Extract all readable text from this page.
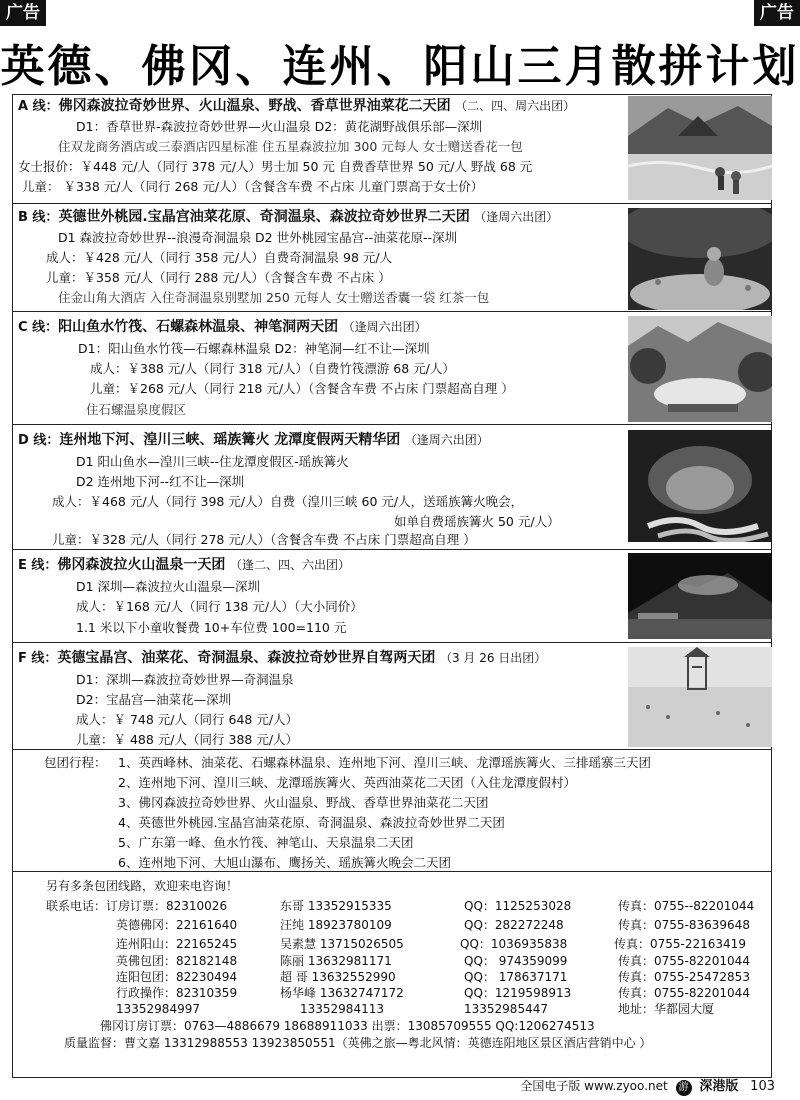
广告	广告
英德、佛冈、连州、阳山三月散拼计划
A 线：佛冈森波拉奇妙世界、火山温泉、野战、香草世界油菜花二天团 （二、四、周六出团）
D1：香草世界-森波拉奇妙世界—火山温泉 D2：黄花湖野战俱乐部—深圳
住双龙商务酒店或三泰酒店四星标准 住五星森波拉加 300 元每人 女士赠送香花一包
女士报价：￥448 元/人（同行 378 元/人）男士加 50 元 自费香草世界 50 元/人 野战 68 元
儿童： ￥338 元/人（同行 268 元/人）（含餐含车费 不占床 儿童门票高于女士价）
B 线：英德世外桃园.宝晶宫油菜花原、奇洞温泉、森波拉奇妙世界二天团 （逢周六出团）
D1 森波拉奇妙世界--浪漫奇洞温泉 D2 世外桃园宝晶宫--油菜花原--深圳
成人：￥428 元/人（同行 358 元/人）自费奇洞温泉 98 元/人
儿童：￥358 元/人（同行 288 元/人）（含餐含车费 不占床 ）
住金山角大酒店 入住奇洞温泉别墅加 250 元每人 女士赠送香囊一袋 红茶一包
C 线：阳山鱼水竹筏、石螺森林温泉、神笔洞两天团 （逢周六出团）
D1：阳山鱼水竹筏—石螺森林温泉 D2：神笔洞—红不让—深圳
成人：￥388 元/人（同行 318 元/人）（自费竹筏漂游 68 元/人）
儿童：￥268 元/人（同行 218 元/人）（含餐含车费 不占床 门票超高自理 ）
住石螺温泉度假区
D 线：连州地下河、湟川三峡、瑶族篝火 龙潭度假两天精华团 （逢周六出团）
D1 阳山鱼水—湟川三峡--住龙潭度假区-瑶族篝火
D2 连州地下河--红不让—深圳
成人：￥468 元/人（同行 398 元/人）自费（湟川三峡 60 元/人，送瑶族篝火晚会，
如单自费瑶族篝火 50 元/人）
儿童：￥328 元/人（同行 278 元/人）（含餐含车费 不占床 门票超高自理 ）
E 线：佛冈森波拉火山温泉一天团 （逢二、四、六出团）
D1 深圳—森波拉火山温泉—深圳
成人：￥168 元/人（同行 138 元/人）（大小同价）
1.1 米以下小童收餐费 10+车位费 100=110 元
F 线：英德宝晶宫、油菜花、奇洞温泉、森波拉奇妙世界自驾两天团 （3 月 26 日出团）
D1：深圳—森波拉奇妙世界—奇洞温泉
D2：宝晶宫—油菜花—深圳
成人：￥ 748 元/人（同行 648 元/人）
儿童：￥ 488 元/人（同行 388 元/人）
包团行程： 1、英西峰林、油菜花、石螺森林温泉、连州地下河、湟川三峡、龙潭瑶族篝火、三排瑶寨三天团
2、连州地下河、湟川三峡、龙潭瑶族篝火、英西油菜花二天团（入住龙潭度假村）
3、佛冈森波拉奇妙世界、火山温泉、野战、香草世界油菜花二天团
4、英德世外桃园.宝晶宫油菜花原、奇洞温泉、森波拉奇妙世界二天团
5、广东第一峰、鱼水竹筏、神笔山、天泉温泉二天团
6、连州地下河、大旭山瀑布、鹰扬关、瑶族篝火晚会二天团
另有多条包团线路，欢迎来电咨询！
联系电话：订房订票：82310026	东哥 13352915335	QQ：1125253028	传真：0755--82201044
英德佛冈：22161640	汪纯 18923780109	QQ：282272248	传真：0755-83639648
连州阳山：22165245	吴素慧 13715026505	QQ：1036935838	传真：0755-22163419
英佛包团：82182148	陈丽 13632981171	QQ： 974359099	传真：0755-82201044
连阳包团：82230494	超 哥 13632552990	QQ： 178637171	传真：0755-25472853
行政操作：82310359	杨华峰 13632747172	QQ：1219598913	传真：0755-82201044
13352984997	13352984113	13352985447	地址：华都园大厦
佛冈订房订票：0763—4886679 18688911033 出票：13085709555 QQ:1206274513
质量监督：曹文嘉 13312988553 13923850551（英佛之旅—粤北风情：英德连阳地区景区酒店营销中心 ）
全国电子版 www.zyoo.net 游 深港版 103
